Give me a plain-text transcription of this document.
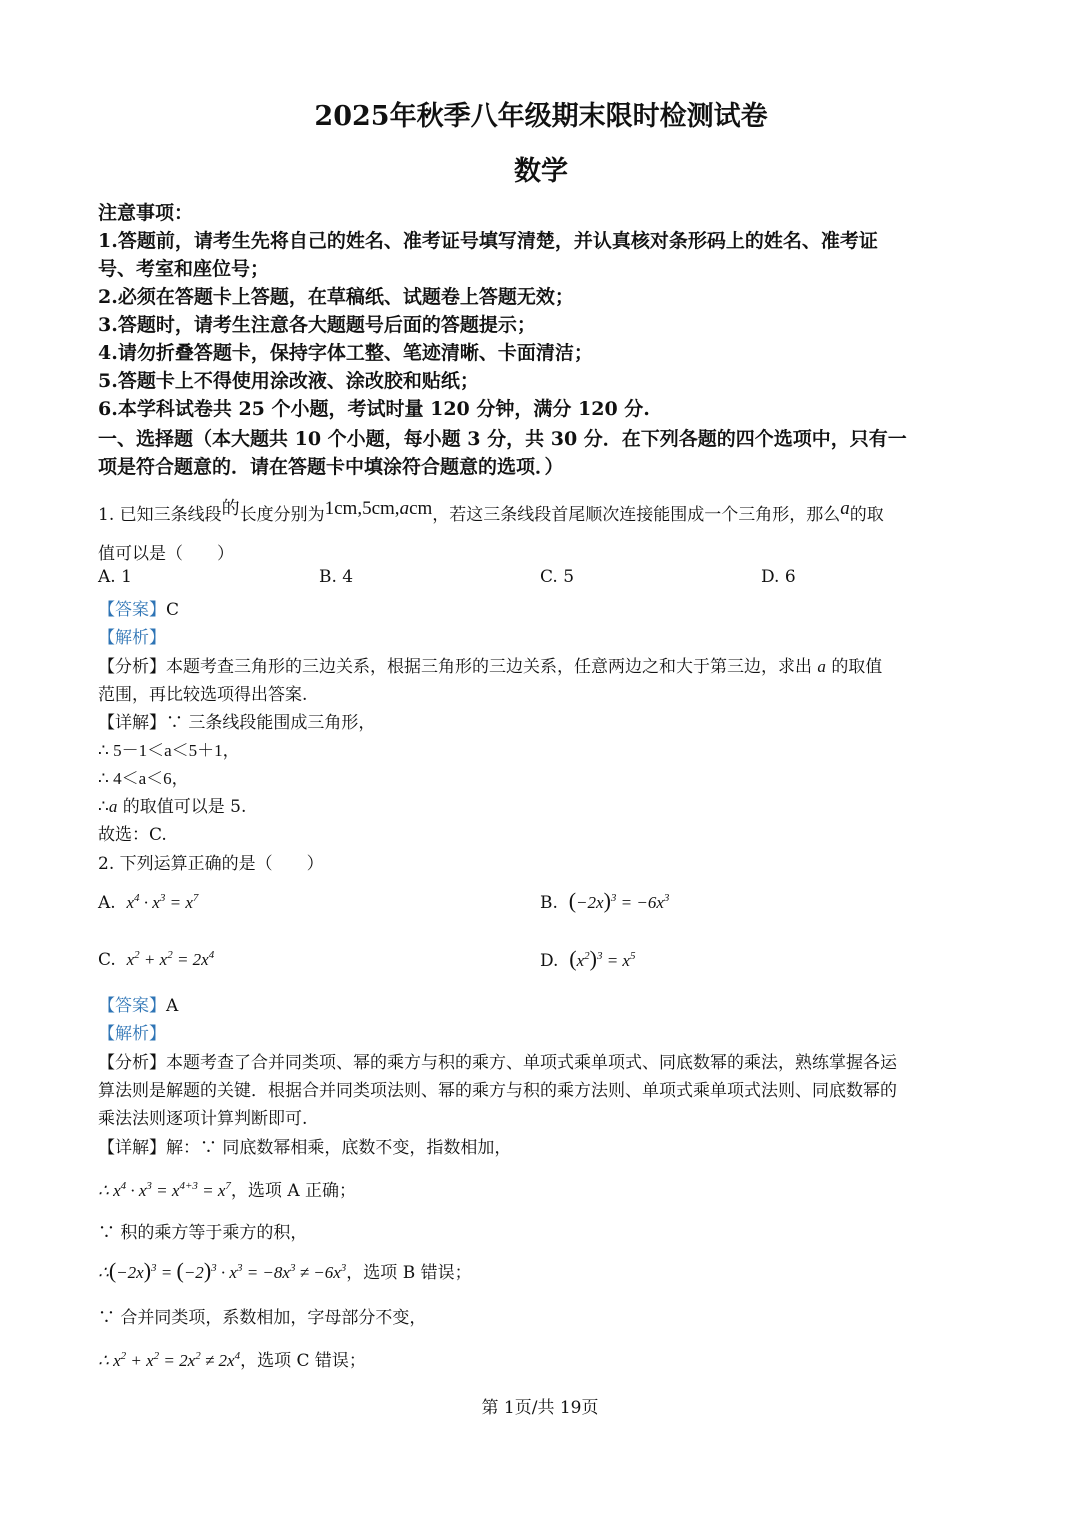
2025年秋季八年级期末限时检测试卷
数学
注意事项：
1.答题前，请考生先将自己的姓名、准考证号填写清楚，并认真核对条形码上的姓名、准考证
号、考室和座位号；
2.必须在答题卡上答题，在草稿纸、试题卷上答题无效；
3.答题时，请考生注意各大题题号后面的答题提示；
4.请勿折叠答题卡，保持字体工整、笔迹清晰、卡面清洁；
5.答题卡上不得使用涂改液、涂改胶和贴纸；
6.本学科试卷共 25 个小题，考试时量 120 分钟，满分 120 分.
一、选择题（本大题共 10 个小题，每小题 3 分，共 30 分．在下列各题的四个选项中，只有一
项是符合题意的．请在答题卡中填涂符合题意的选项．）
1. 已知三条线段的长度分别为1cm,5cm,acm，若这三条线段首尾顺次连接能围成一个三角形，那么a的取
值可以是（　　）
A. 1	B. 4	C. 5	D. 6
【答案】C
【解析】
【分析】本题考查三角形的三边关系，根据三角形的三边关系，任意两边之和大于第三边，求出 a 的取值
范围，再比较选项得出答案.
【详解】∵ 三条线段能围成三角形，
∴ 5－1＜a＜5＋1，
∴ 4＜a＜6，
∴a 的取值可以是 5.
故选：C.
2. 下列运算正确的是（　　）
A. $x^4 \cdot x^3 = x^7$	B. $(-2x)^3 = -6x^3$
C. $x^2 + x^2 = 2x^4$	D. $(x^2)^3 = x^5$
【答案】A
【解析】
【分析】本题考查了合并同类项、幂的乘方与积的乘方、单项式乘单项式、同底数幂的乘法，熟练掌握各运
算法则是解题的关键．根据合并同类项法则、幂的乘方与积的乘方法则、单项式乘单项式法则、同底数幂的
乘法法则逐项计算判断即可.
【详解】解：∵ 同底数幂相乘，底数不变，指数相加，
∴ $x^4 \cdot x^3 = x^{4+3} = x^7$，选项 A 正确；
∵ 积的乘方等于乘方的积，
$\therefore(-2x)^3 = (-2)^3 \cdot x^3 = -8x^3 \ne -6x^3$，选项 B 错误；
∵ 合并同类项，系数相加，字母部分不变，
∴ $x^2 + x^2 = 2x^2 \ne 2x^4$，选项 C 错误；
第 1页/共 19页
